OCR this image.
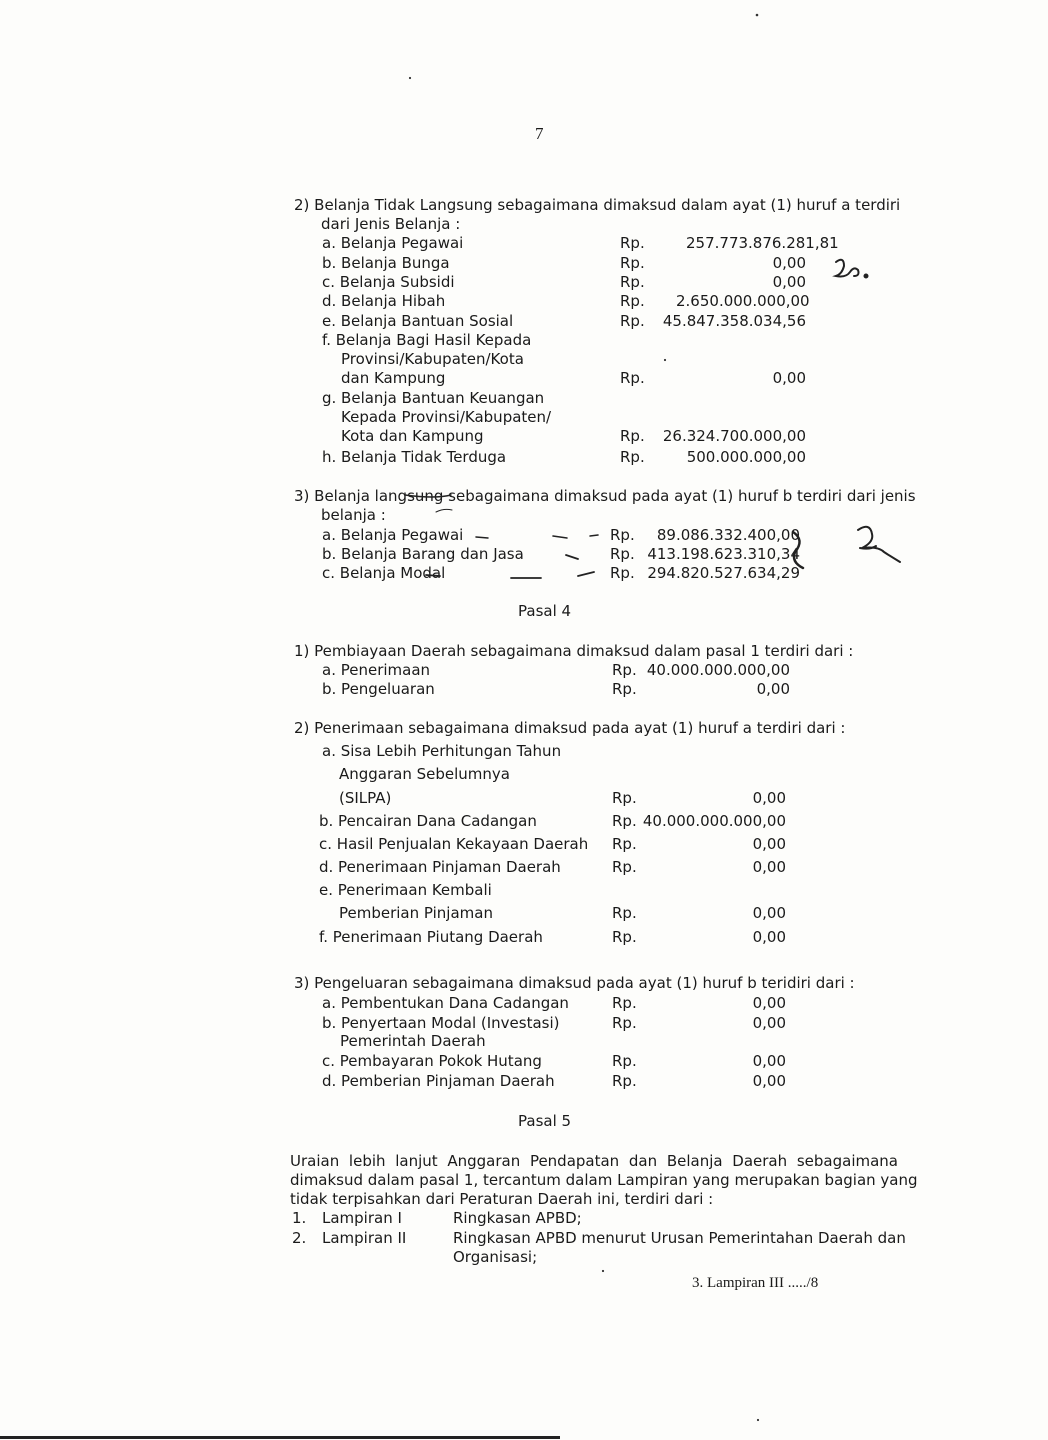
7
2) Belanja Tidak Langsung sebagaimana dimaksud dalam ayat (1) huruf a terdiri
dari Jenis Belanja :
a. Belanja Pegawai	Rp.	257.773.876.281,81
b. Belanja Bunga	Rp.	0,00
c. Belanja Subsidi	Rp.	0,00
d. Belanja Hibah	Rp. 2.650.000.000,00
e. Belanja Bantuan Sosial	Rp.	45.847.358.034,56
f. Belanja Bagi Hasil Kepada
Provinsi/Kabupaten/Kota
dan Kampung	Rp.	0,00
g. Belanja Bantuan Keuangan
Kepada Provinsi/Kabupaten/
Kota dan Kampung	Rp.	26.324.700.000,00
h. Belanja Tidak Terduga	Rp.	500.000.000,00
3) Belanja langsung sebagaimana dimaksud pada ayat (1) huruf b terdiri dari jenis
belanja :
a. Belanja Pegawai	Rp.	89.086.332.400,00
b. Belanja Barang dan Jasa	Rp. 413.198.623.310,34
c. Belanja Modal	Rp. 294.820.527.634,29
Pasal 4
1) Pembiayaan Daerah sebagaimana dimaksud dalam pasal 1 terdiri dari :
a. Penerimaan	Rp. 40.000.000.000,00
b. Pengeluaran	Rp.	0,00
2) Penerimaan sebagaimana dimaksud pada ayat (1) huruf a terdiri dari :
a. Sisa Lebih Perhitungan Tahun
Anggaran Sebelumnya
(SILPA)	Rp.	0,00
b. Pencairan Dana Cadangan	Rp. 40.000.000.000,00
c. Hasil Penjualan Kekayaan Daerah Rp.	0,00
d. Penerimaan Pinjaman Daerah	Rp.	0,00
e. Penerimaan Kembali
Pemberian Pinjaman	Rp.	0,00
f. Penerimaan Piutang Daerah	Rp.	0,00
3) Pengeluaran sebagaimana dimaksud pada ayat (1) huruf b teridiri dari :
a. Pembentukan Dana Cadangan	Rp.	0,00
b. Penyertaan Modal (Investasi)
Pemerintah Daerah
Rp.	0,00
c. Pembayaran Pokok Hutang	Rp.	0,00
d. Pemberian Pinjaman Daerah	Rp.	0,00
Pasal 5
Uraian lebih lanjut Anggaran Pendapatan dan Belanja Daerah sebagaimana
dimaksud dalam pasal 1, tercantum dalam Lampiran yang merupakan bagian yang
tidak terpisahkan dari Peraturan Daerah ini, terdiri dari :
1. Lampiran I	Ringkasan APBD;
2. Lampiran II	Ringkasan APBD menurut Urusan Pemerintahan Daerah dan
Organisasi;
3. Lampiran III ...../8
